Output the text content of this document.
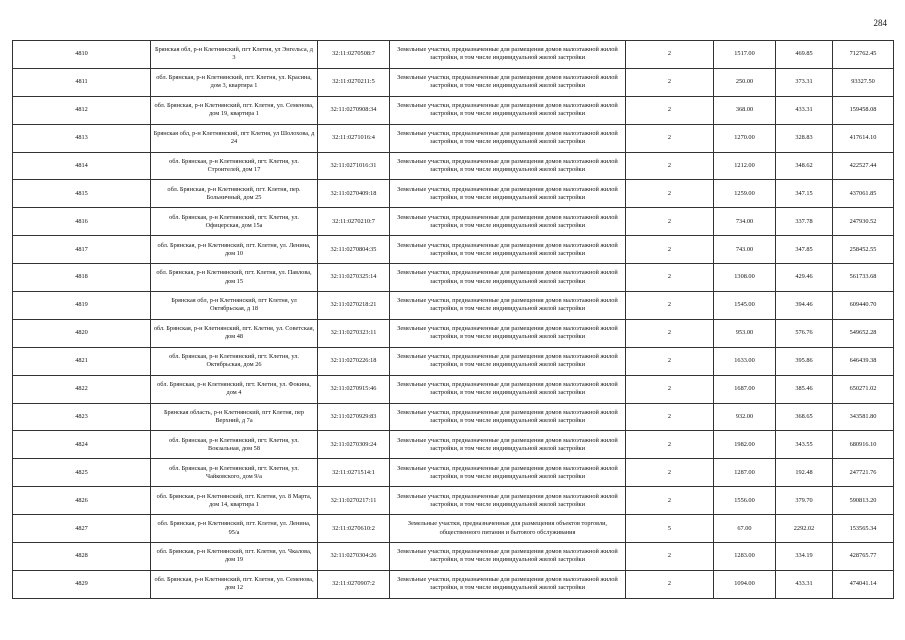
284
4810	Брянская обл, р-н Клетнянский, пгт Клетня, ул Энгельса, д 3	32:11:0270508:7	Земельные участки, предназначенные для размещения домов малоэтажной жилой застройки, в том числе индивидуальной жилой застройки	2	1517.00	469.85	712762.45
4811	обл. Брянская, р-н Клетнянский, пгт. Клетня, ул. Красина, дом 3, квартира 1	32:11:0270211:5	Земельные участки, предназначенные для размещения домов малоэтажной жилой застройки, в том числе индивидуальной жилой застройки	2	250.00	373.31	93327.50
4812	обл. Брянская, р-н Клетнянский, пгт. Клетня, ул. Семенова, дом 19, квартира 1	32:11:0270908:34	Земельные участки, предназначенные для размещения домов малоэтажной жилой застройки, в том числе индивидуальной жилой застройки	2	368.00	433.31	159458.08
4813	Брянская обл, р-н Клетнянский, пгт Клетня, ул Шолохова, д 24	32:11:0271016:4	Земельные участки, предназначенные для размещения домов малоэтажной жилой застройки, в том числе индивидуальной жилой застройки	2	1270.00	328.83	417614.10
4814	обл. Брянская, р-н Клетнянский, пгт. Клетня, ул. Строителей, дом 17	32:11:0271016:31	Земельные участки, предназначенные для размещения домов малоэтажной жилой застройки, в том числе индивидуальной жилой застройки	2	1212.00	348.62	422527.44
4815	обл. Брянская, р-н Клетнянский, пгт. Клетня, пер. Больничный, дом 25	32:11:0270409:18	Земельные участки, предназначенные для размещения домов малоэтажной жилой застройки, в том числе индивидуальной жилой застройки	2	1259.00	347.15	437061.85
4816	обл. Брянская, р-н Клетнянский, пгт. Клетня, ул. Офицерская, дом 15а	32:11:0270210:7	Земельные участки, предназначенные для размещения домов малоэтажной жилой застройки, в том числе индивидуальной жилой застройки	2	734.00	337.78	247930.52
4817	обл. Брянская, р-н Клетнянский, пгт. Клетня, ул. Ленина, дом 10	32:11:0270804:35	Земельные участки, предназначенные для размещения домов малоэтажной жилой застройки, в том числе индивидуальной жилой застройки	2	743.00	347.85	258452.55
4818	обл. Брянская, р-н Клетнянский, пгт. Клетня, ул. Павлова, дом 15	32:11:0270325:14	Земельные участки, предназначенные для размещения домов малоэтажной жилой застройки, в том числе индивидуальной жилой застройки	2	1308.00	429.46	561733.68
4819	Брянская обл, р-н Клетнянский, пгт Клетня, ул Октябрьская, д 18	32:11:0270218:21	Земельные участки, предназначенные для размещения домов малоэтажной жилой застройки, в том числе индивидуальной жилой застройки	2	1545.00	394.46	609440.70
4820	обл. Брянская, р-н Клетнянский, пгт. Клетня, ул. Советская, дом 48	32:11:0270323:11	Земельные участки, предназначенные для размещения домов малоэтажной жилой застройки, в том числе индивидуальной жилой застройки	2	953.00	576.76	549652.28
4821	обл. Брянская, р-н Клетнянский, пгт. Клетня, ул. Октябрьская, дом 26	32:11:0270226:18	Земельные участки, предназначенные для размещения домов малоэтажной жилой застройки, в том числе индивидуальной жилой застройки	2	1633.00	395.86	646439.38
4822	обл. Брянская, р-н Клетнянский, пгт. Клетня, ул. Фокина, дом 4	32:11:0270915:46	Земельные участки, предназначенные для размещения домов малоэтажной жилой застройки, в том числе индивидуальной жилой застройки	2	1687.00	385.46	650271.02
4823	Брянская область, р-н Клетнянский, пгт Клетня, пер Верхний, д 7а	32:11:0270929:83	Земельные участки, предназначенные для размещения домов малоэтажной жилой застройки, в том числе индивидуальной жилой застройки	2	932.00	368.65	343581.80
4824	обл. Брянская, р-н Клетнянский, пгт. Клетня, ул. Вокзальная, дом 58	32:11:0270309:24	Земельные участки, предназначенные для размещения домов малоэтажной жилой застройки, в том числе индивидуальной жилой застройки	2	1982.00	343.55	680916.10
4825	обл. Брянская, р-н Клетнянский, пгт. Клетня, ул. Чайковского, дом 9/а	32:11:0271514:1	Земельные участки, предназначенные для размещения домов малоэтажной жилой застройки, в том числе индивидуальной жилой застройки	2	1287.00	192.48	247721.76
4826	обл. Брянская, р-н Клетнянский, пгт. Клетня, ул. 8 Марта, дом 14, квартира 1	32:11:0270217:11	Земельные участки, предназначенные для размещения домов малоэтажной жилой застройки, в том числе индивидуальной жилой застройки	2	1556.00	379.70	590813.20
4827	обл. Брянская, р-н Клетнянский, пгт. Клетня, ул. Ленина, 95/а	32:11:0270610:2	Земельные участки, предназначенные для размещения объектов торговли, общественного питания и бытового обслуживания	5	67.00	2292.02	153565.34
4828	обл. Брянская, р-н Клетнянский, пгт. Клетня, ул. Чкалова, дом 19	32:11:0270304:26	Земельные участки, предназначенные для размещения домов малоэтажной жилой застройки, в том числе индивидуальной жилой застройки	2	1283.00	334.19	428765.77
4829	обл. Брянская, р-н Клетнянский, пгт. Клетня, ул. Семенова, дом 12	32:11:0270907:2	Земельные участки, предназначенные для размещения домов малоэтажной жилой застройки, в том числе индивидуальной жилой застройки	2	1094.00	433.31	474041.14
